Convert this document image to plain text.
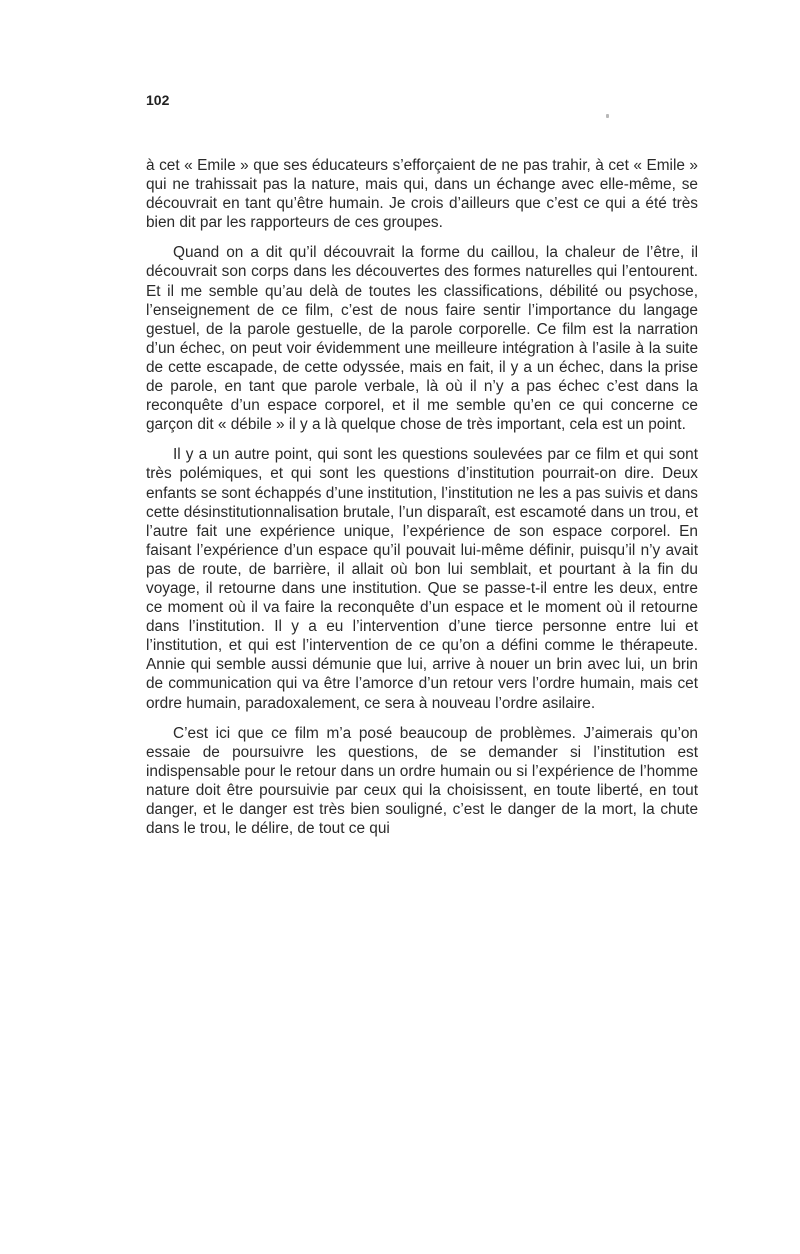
102

à cet « Emile » que ses éducateurs s’efforçaient de ne pas trahir, à cet « Emile » qui ne trahissait pas la nature, mais qui, dans un échange avec elle-même, se découvrait en tant qu’être humain. Je crois d’ailleurs que c’est ce qui a été très bien dit par les rapporteurs de ces groupes.

Quand on a dit qu’il découvrait la forme du caillou, la chaleur de l’être, il découvrait son corps dans les découvertes des formes naturelles qui l’entourent. Et il me semble qu’au delà de toutes les classifications, débilité ou psychose, l’enseignement de ce film, c’est de nous faire sentir l’importance du langage gestuel, de la parole gestuelle, de la parole corporelle. Ce film est la narration d’un échec, on peut voir évidemment une meilleure intégration à l’asile à la suite de cette escapade, de cette odyssée, mais en fait, il y a un échec, dans la prise de parole, en tant que parole verbale, là où il n’y a pas échec c’est dans la reconquête d’un espace corporel, et il me semble qu’en ce qui concerne ce garçon dit « débile » il y a là quelque chose de très important, cela est un point.

Il y a un autre point, qui sont les questions soulevées par ce film et qui sont très polémiques, et qui sont les questions d’institution pourrait-on dire. Deux enfants se sont échappés d’une institution, l’institution ne les a pas suivis et dans cette désinstitutionnalisation brutale, l’un disparaît, est escamoté dans un trou, et l’autre fait une expérience unique, l’expérience de son espace corporel. En faisant l’expérience d’un espace qu’il pouvait lui-même définir, puisqu’il n’y avait pas de route, de barrière, il allait où bon lui semblait, et pourtant à la fin du voyage, il retourne dans une institution. Que se passe-t-il entre les deux, entre ce moment où il va faire la reconquête d’un espace et le moment où il retourne dans l’institution. Il y a eu l’intervention d’une tierce personne entre lui et l’institution, et qui est l’intervention de ce qu’on a défini comme le thérapeute. Annie qui semble aussi démunie que lui, arrive à nouer un brin avec lui, un brin de communication qui va être l’amorce d’un retour vers l’ordre humain, mais cet ordre humain, paradoxalement, ce sera à nouveau l’ordre asilaire.

C’est ici que ce film m’a posé beaucoup de problèmes. J’aimerais qu’on essaie de poursuivre les questions, de se demander si l’institution est indispensable pour le retour dans un ordre humain ou si l’expérience de l’homme nature doit être poursuivie par ceux qui la choisissent, en toute liberté, en tout danger, et le danger est très bien souligné, c’est le danger de la mort, la chute dans le trou, le délire, de tout ce qui
